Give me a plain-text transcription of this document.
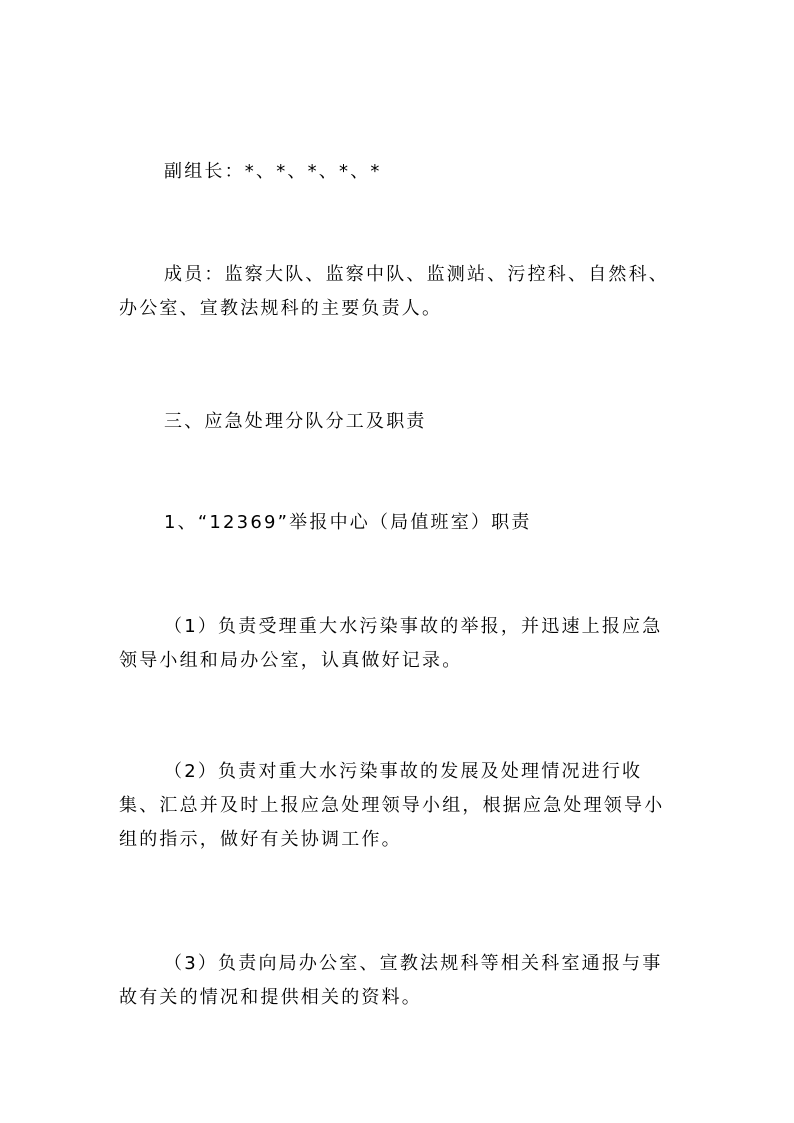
副组长：*、*、*、*、*

成员：监察大队、监察中队、监测站、污控科、自然科、办公室、宣教法规科的主要负责人。

三、应急处理分队分工及职责

1、“12369”举报中心（局值班室）职责

（1）负责受理重大水污染事故的举报，并迅速上报应急领导小组和局办公室，认真做好记录。

（2）负责对重大水污染事故的发展及处理情况进行收集、汇总并及时上报应急处理领导小组，根据应急处理领导小组的指示，做好有关协调工作。

（3）负责向局办公室、宣教法规科等相关科室通报与事故有关的情况和提供相关的资料。
